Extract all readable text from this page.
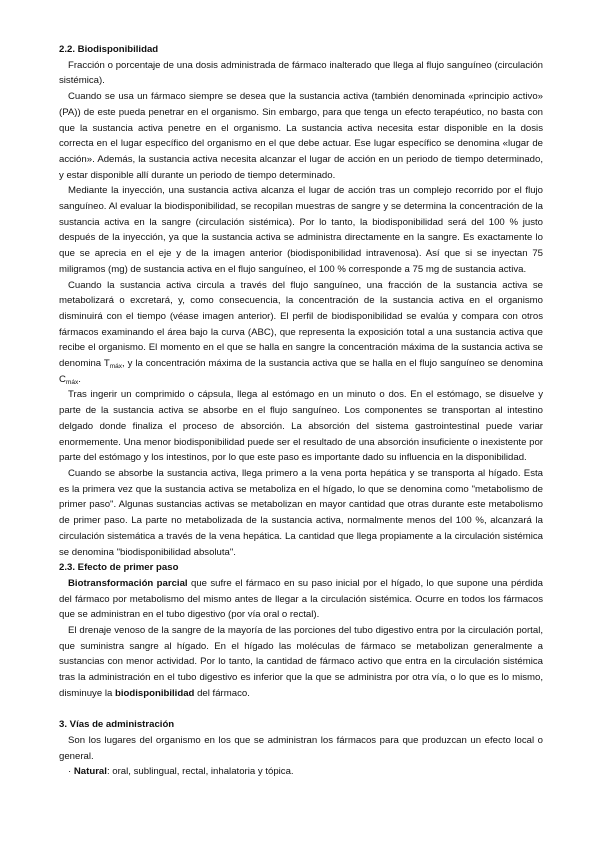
2.2. Biodisponibilidad

Fracción o porcentaje de una dosis administrada de fármaco inalterado que llega al flujo sanguíneo (circulación sistémica).

Cuando se usa un fármaco siempre se desea que la sustancia activa (también denominada «principio activo» (PA)) de este pueda penetrar en el organismo. Sin embargo, para que tenga un efecto terapéutico, no basta con que la sustancia activa penetre en el organismo. La sustancia activa necesita estar disponible en la dosis correcta en el lugar específico del organismo en el que debe actuar. Ese lugar específico se denomina «lugar de acción». Además, la sustancia activa necesita alcanzar el lugar de acción en un periodo de tiempo determinado, y estar disponible allí durante un periodo de tiempo determinado.

Mediante la inyección, una sustancia activa alcanza el lugar de acción tras un complejo recorrido por el flujo sanguíneo. Al evaluar la biodisponibilidad, se recopilan muestras de sangre y se determina la concentración de la sustancia activa en la sangre (circulación sistémica). Por lo tanto, la biodisponibilidad será del 100 % justo después de la inyección, ya que la sustancia activa se administra directamente en la sangre. Es exactamente lo que se aprecia en el eje y de la imagen anterior (biodisponibilidad intravenosa). Así que si se inyectan 75 miligramos (mg) de sustancia activa en el flujo sanguíneo, el 100 % corresponde a 75 mg de sustancia activa.

Cuando la sustancia activa circula a través del flujo sanguíneo, una fracción de la sustancia activa se metabolizará o excretará, y, como consecuencia, la concentración de la sustancia activa en el organismo disminuirá con el tiempo (véase imagen anterior). El perfil de biodisponibilidad se evalúa y compara con otros fármacos examinando el área bajo la curva (ABC), que representa la exposición total a una sustancia activa que recibe el organismo. El momento en el que se halla en sangre la concentración máxima de la sustancia activa se denomina $T_{máx}$, y la concentración máxima de la sustancia activa que se halla en el flujo sanguíneo se denomina $C_{máx}$.

Tras ingerir un comprimido o cápsula, llega al estómago en un minuto o dos. En el estómago, se disuelve y parte de la sustancia activa se absorbe en el flujo sanguíneo. Los componentes se transportan al intestino delgado donde finaliza el proceso de absorción. La absorción del sistema gastrointestinal puede variar enormemente. Una menor biodisponibilidad puede ser el resultado de una absorción insuficiente o inexistente por parte del estómago y los intestinos, por lo que este paso es importante dado su influencia en la disponibilidad.

Cuando se absorbe la sustancia activa, llega primero a la vena porta hepática y se transporta al hígado. Esta es la primera vez que la sustancia activa se metaboliza en el hígado, lo que se denomina como "metabolismo de primer paso". Algunas sustancias activas se metabolizan en mayor cantidad que otras durante este metabolismo de primer paso. La parte no metabolizada de la sustancia activa, normalmente menos del 100 %, alcanzará la circulación sistemática a través de la vena hepática. La cantidad que llega propiamente a la circulación sistémica se denomina "biodisponibilidad absoluta".

2.3. Efecto de primer paso

Biotransformación parcial que sufre el fármaco en su paso inicial por el hígado, lo que supone una pérdida del fármaco por metabolismo del mismo antes de llegar a la circulación sistémica. Ocurre en todos los fármacos que se administran en el tubo digestivo (por vía oral o rectal).

El drenaje venoso de la sangre de la mayoría de las porciones del tubo digestivo entra por la circulación portal, que suministra sangre al hígado. En el hígado las moléculas de fármaco se metabolizan generalmente a sustancias con menor actividad. Por lo tanto, la cantidad de fármaco activo que entra en la circulación sistémica tras la administración en el tubo digestivo es inferior que la que se administra por otra vía, o lo que es lo mismo, disminuye la biodisponibilidad del fármaco.

3. Vías de administración

Son los lugares del organismo en los que se administran los fármacos para que produzcan un efecto local o general.

· Natural: oral, sublingual, rectal, inhalatoria y tópica.
